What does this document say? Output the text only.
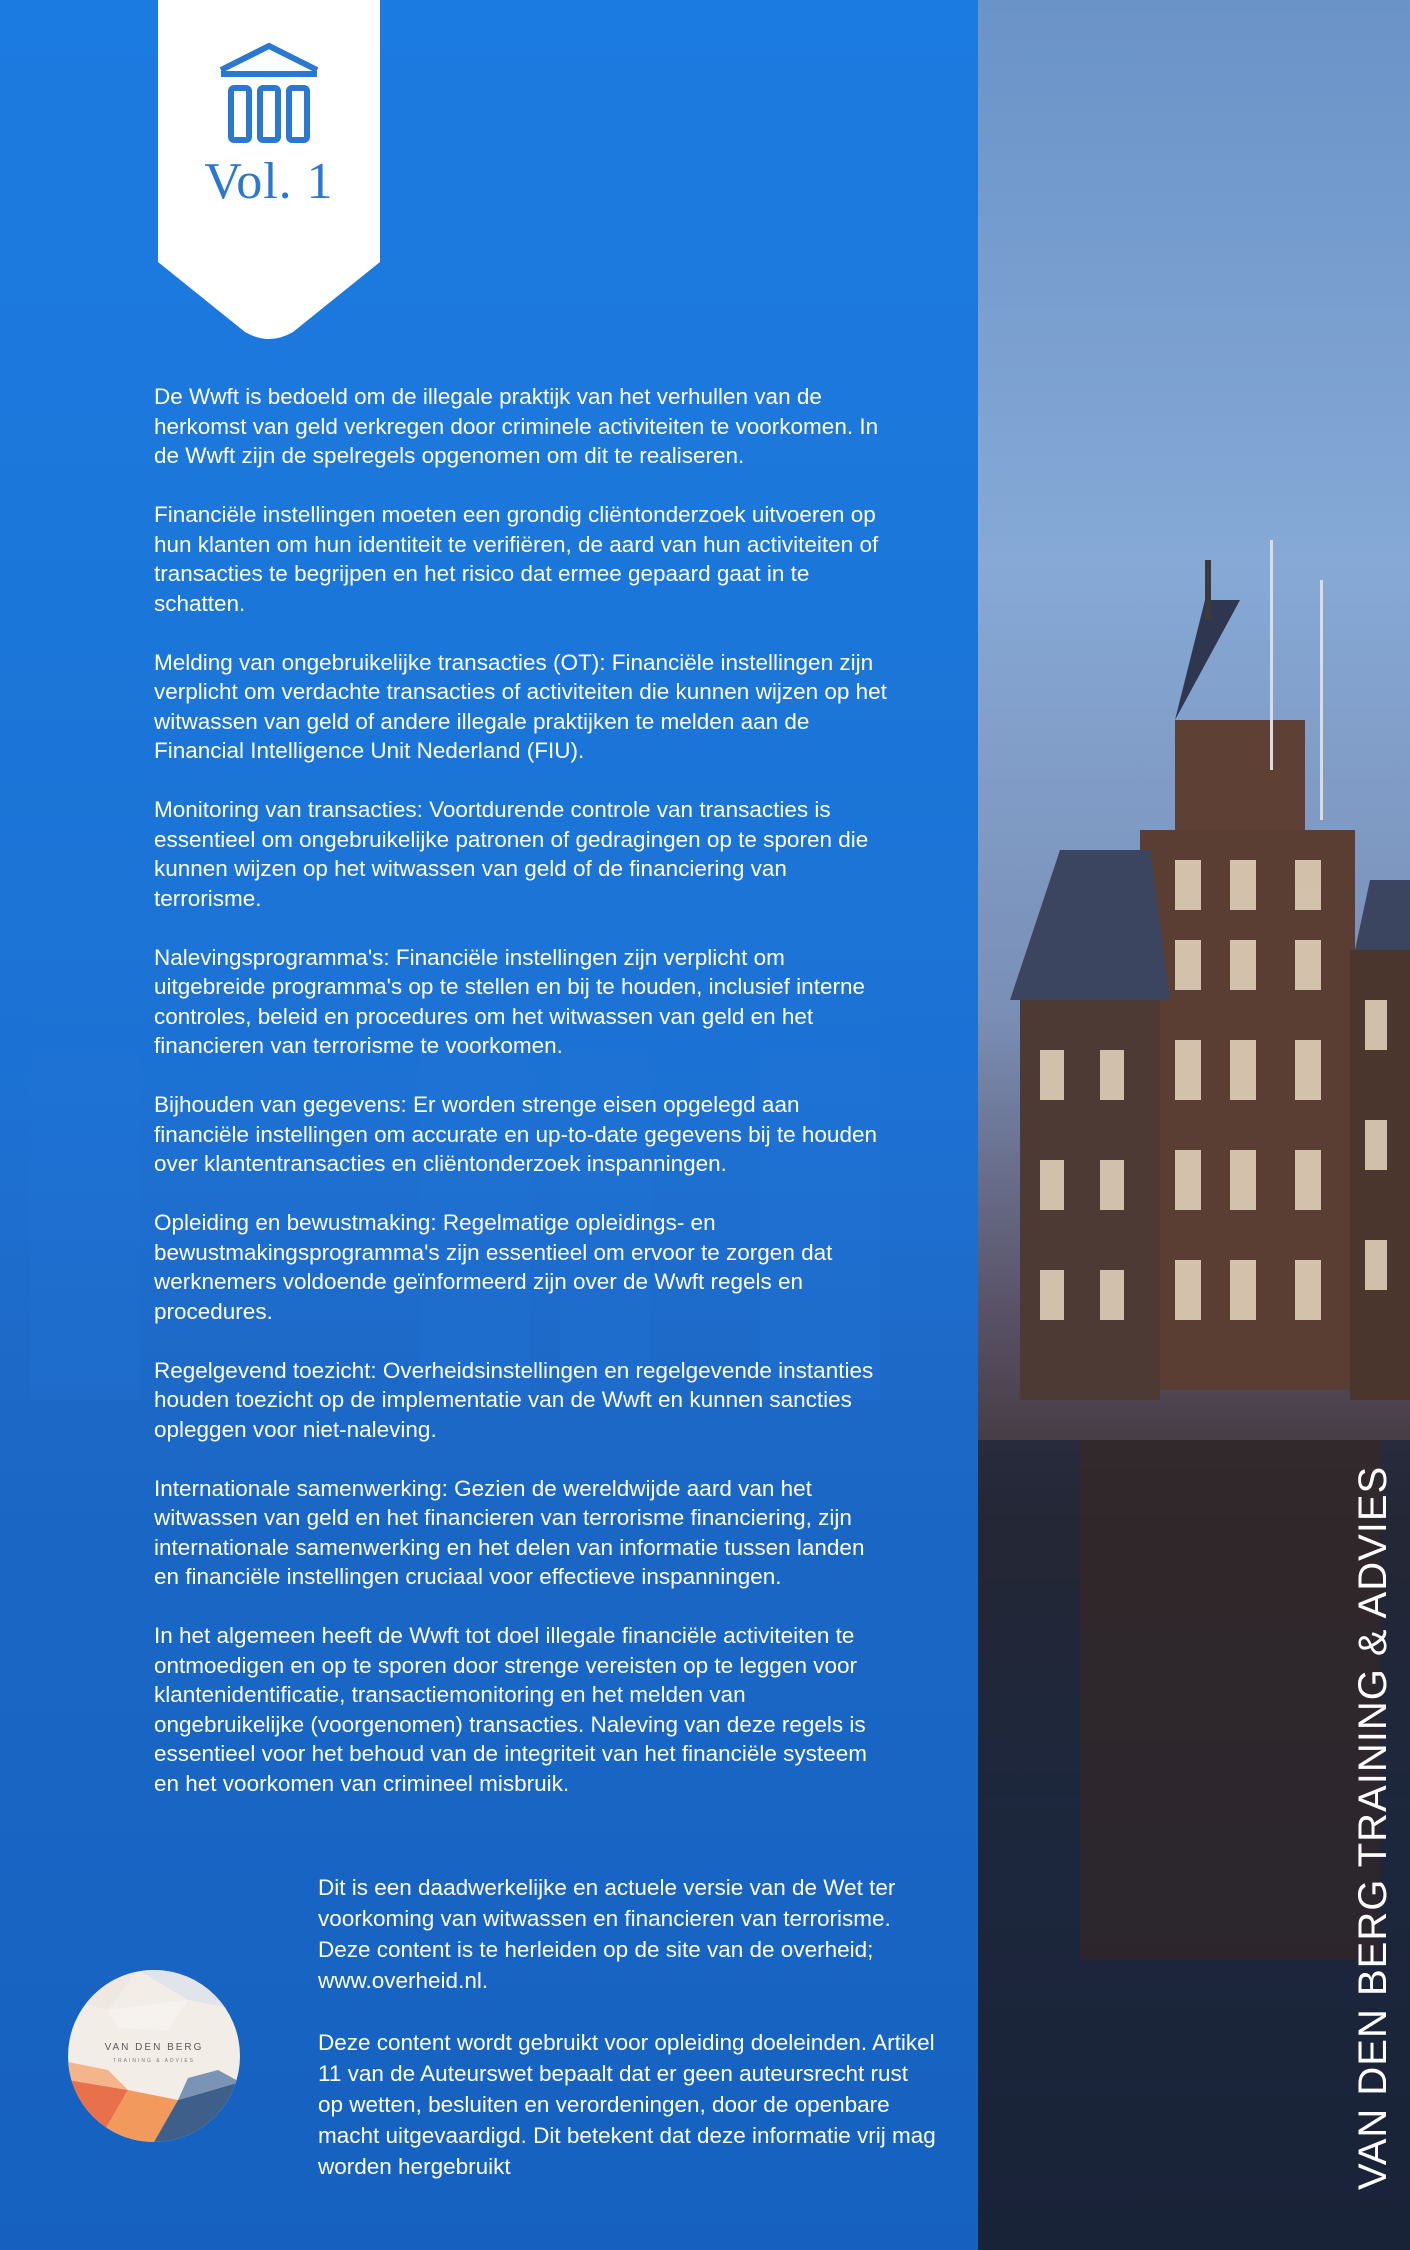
Vol. 1

De Wwft is bedoeld om de illegale praktijk van het verhullen van de herkomst van geld verkregen door criminele activiteiten te voorkomen. In de Wwft zijn de spelregels opgenomen om dit te realiseren.

Financiële instellingen moeten een grondig cliëntonderzoek uitvoeren op hun klanten om hun identiteit te verifiëren, de aard van hun activiteiten of transacties te begrijpen en het risico dat ermee gepaard gaat in te schatten.

Melding van ongebruikelijke transacties (OT): Financiële instellingen zijn verplicht om verdachte transacties of activiteiten die kunnen wijzen op het witwassen van geld of andere illegale praktijken te melden aan de Financial Intelligence Unit Nederland (FIU).

Monitoring van transacties: Voortdurende controle van transacties is essentieel om ongebruikelijke patronen of gedragingen op te sporen die kunnen wijzen op het witwassen van geld of de financiering van terrorisme.

Nalevingsprogramma's: Financiële instellingen zijn verplicht om uitgebreide programma's op te stellen en bij te houden, inclusief interne controles, beleid en procedures om het witwassen van geld en het financieren van terrorisme te voorkomen.

Bijhouden van gegevens: Er worden strenge eisen opgelegd aan financiële instellingen om accurate en up-to-date gegevens bij te houden over klantentransacties en cliëntonderzoek inspanningen.

Opleiding en bewustmaking: Regelmatige opleidings- en bewustmakingsprogramma's zijn essentieel om ervoor te zorgen dat werknemers voldoende geïnformeerd zijn over de Wwft regels en procedures.

Regelgevend toezicht: Overheidsinstellingen en regelgevende instanties houden toezicht op de implementatie van de Wwft en kunnen sancties opleggen voor niet-naleving.

Internationale samenwerking: Gezien de wereldwijde aard van het witwassen van geld en het financieren van terrorisme financiering, zijn internationale samenwerking en het delen van informatie tussen landen en financiële instellingen cruciaal voor effectieve inspanningen.

In het algemeen heeft de Wwft tot doel illegale financiële activiteiten te ontmoedigen en op te sporen door strenge vereisten op te leggen voor klantenidentificatie, transactiemonitoring en het melden van ongebruikelijke (voorgenomen) transacties. Naleving van deze regels is essentieel voor het behoud van de integriteit van het financiële systeem en het voorkomen van crimineel misbruik.

Dit is een daadwerkelijke en actuele versie van de Wet ter voorkoming van witwassen en financieren van terrorisme. Deze content is te herleiden op de site van de overheid; www.overheid.nl.

Deze content wordt gebruikt voor opleiding doeleinden. Artikel 11 van de Auteurswet bepaalt dat er geen auteursrecht rust op wetten, besluiten en verordeningen, door de openbare macht uitgevaardigd. Dit betekent dat deze informatie vrij mag worden hergebruikt

VAN DEN BERG
TRAINING & ADVIES	VAN DEN BERG TRAINING & ADVIES
